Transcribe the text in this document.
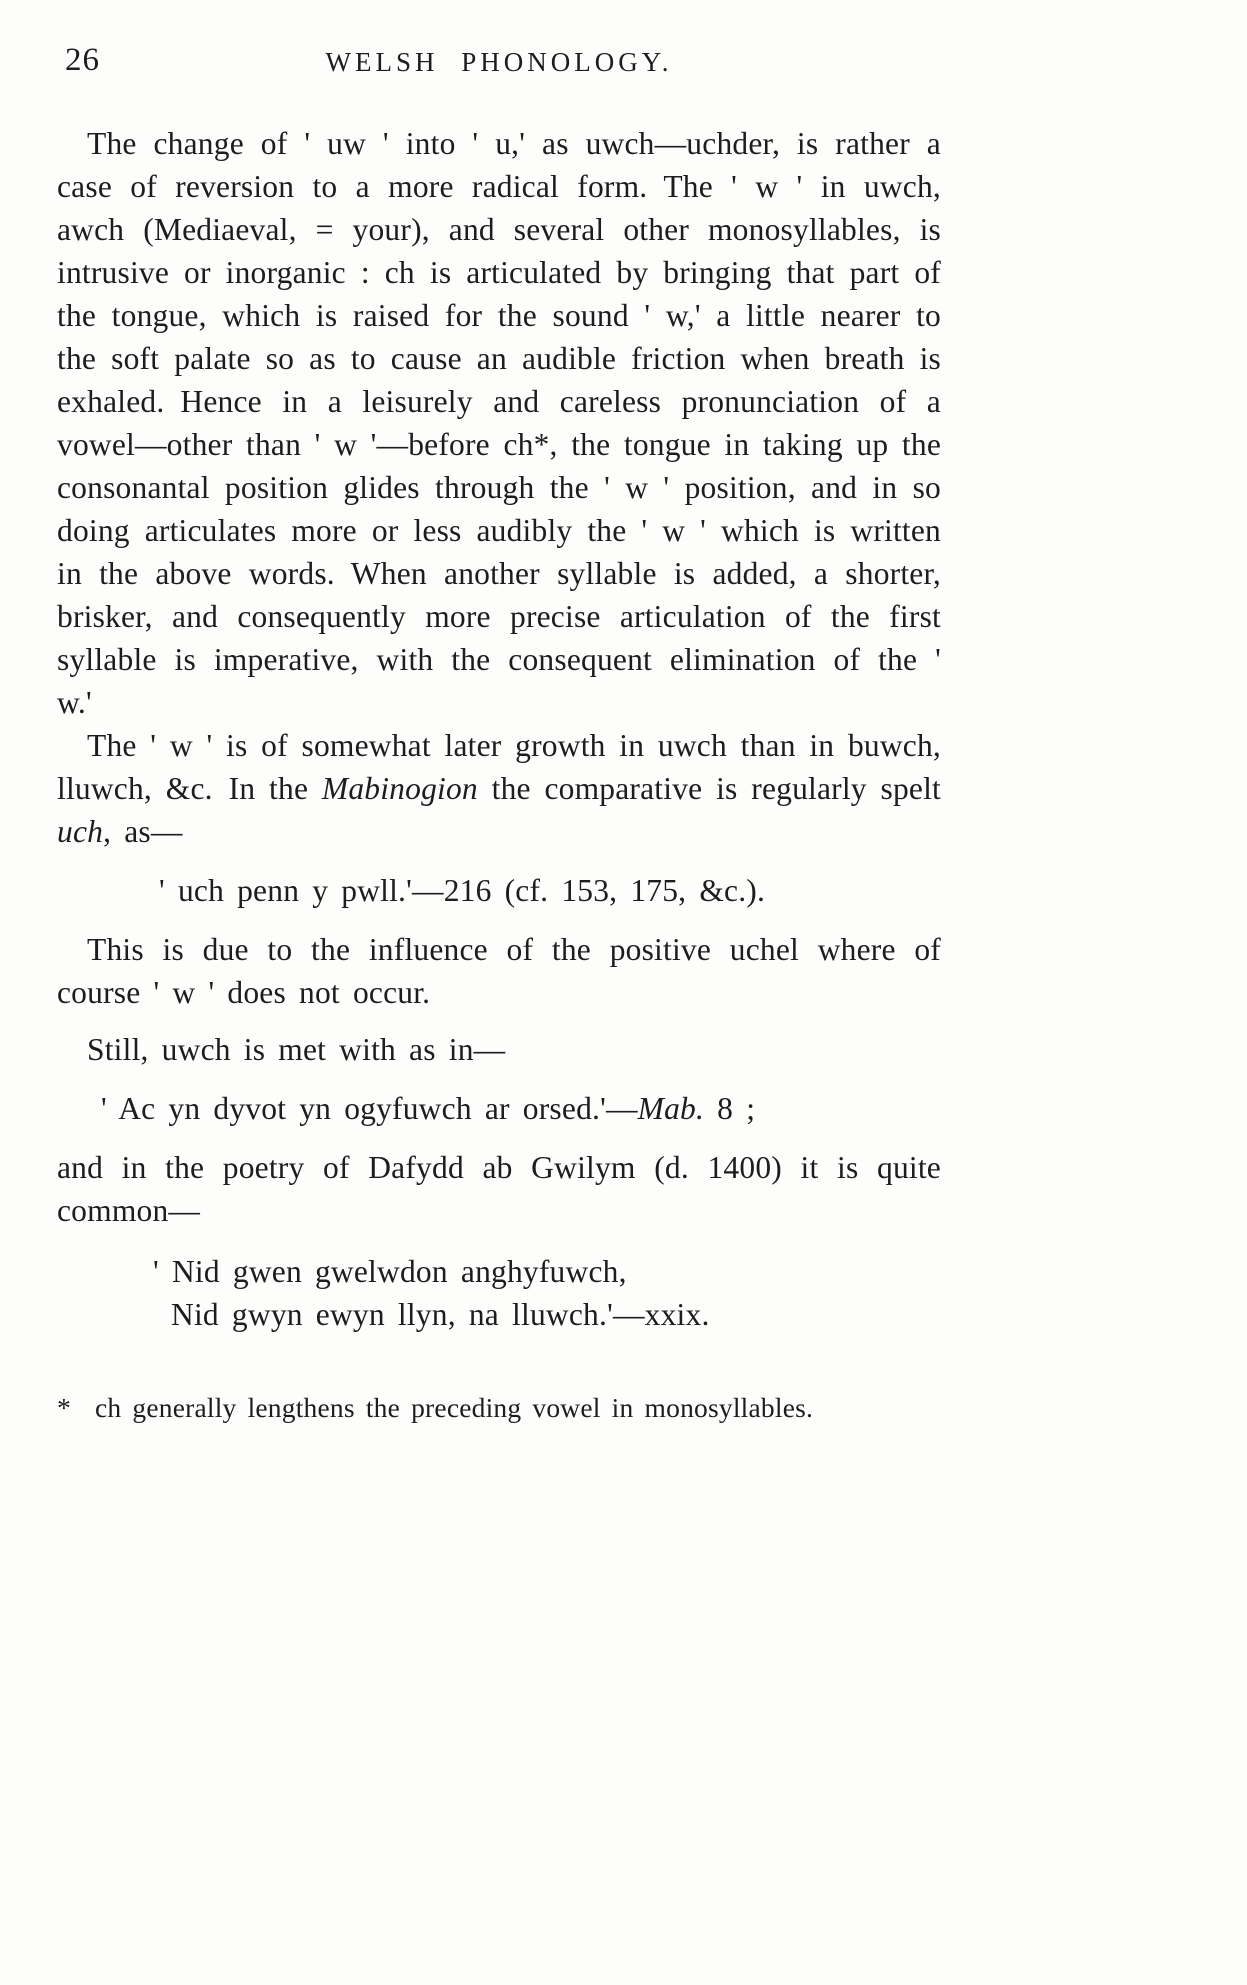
26	WELSH PHONOLOGY.

The change of ' uw ' into ' u,' as uwch—uchder, is rather a case of reversion to a more radical form. The ' w ' in uwch, awch (Mediaeval, = your), and several other monosyllables, is intrusive or inorganic : ch is articulated by bringing that part of the tongue, which is raised for the sound ' w,' a little nearer to the soft palate so as to cause an audible friction when breath is exhaled. Hence in a leisurely and careless pronunciation of a vowel—other than ' w '—before ch*, the tongue in taking up the consonantal position glides through the ' w ' position, and in so doing articulates more or less audibly the ' w ' which is written in the above words. When another syllable is added, a shorter, brisker, and consequently more precise articulation of the first syllable is imperative, with the consequent elimination of the ' w.'

The ' w ' is of somewhat later growth in uwch than in buwch, lluwch, &c. In the Mabinogion the comparative is regularly spelt uch, as—

' uch penn y pwll.'—216 (cf. 153, 175, &c.).

This is due to the influence of the positive uchel where of course ' w ' does not occur.

Still, uwch is met with as in—

' Ac yn dyvot yn ogyfuwch ar orsed.'—Mab. 8 ;

and in the poetry of Dafydd ab Gwilym (d. 1400) it is quite common—

' Nid gwen gwelwdon anghyfuwch,
Nid gwyn ewyn llyn, na lluwch.'—xxix.

* ch generally lengthens the preceding vowel in monosyllables.
